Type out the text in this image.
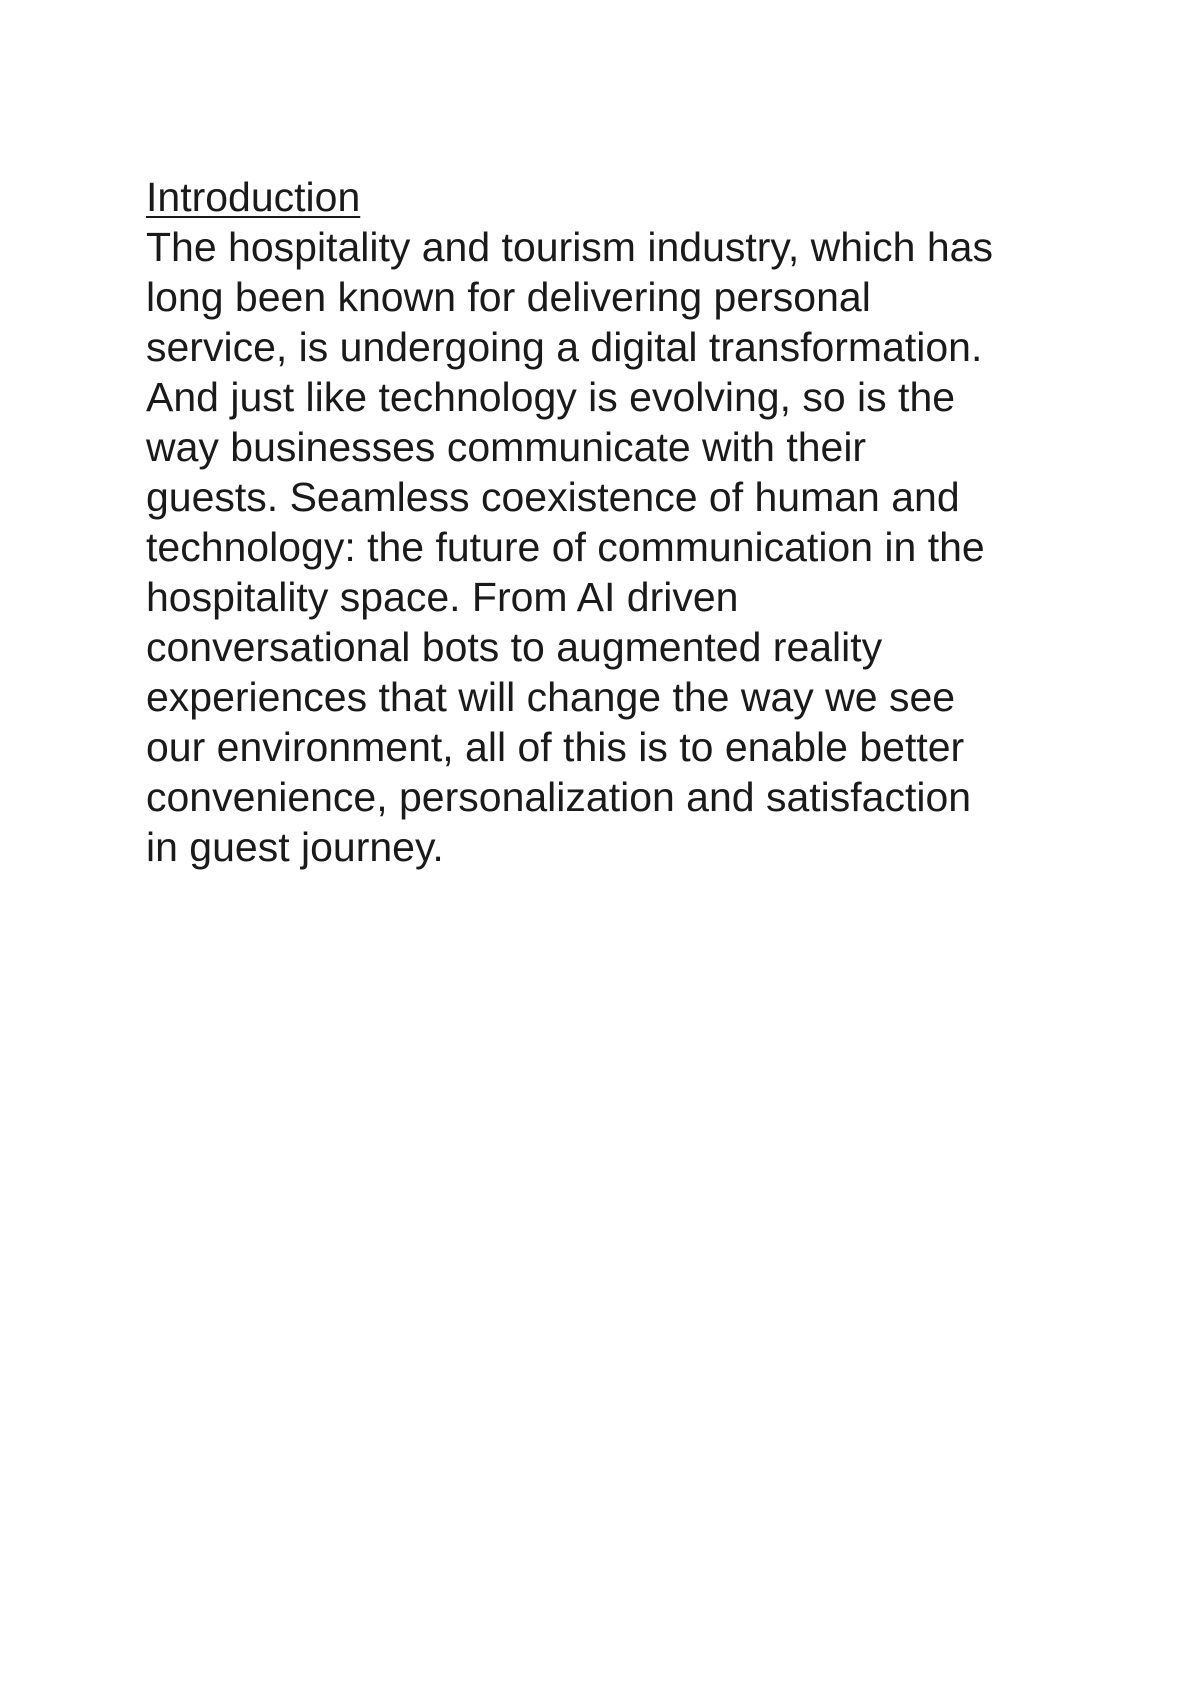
Introduction
The hospitality and tourism industry, which has
long been known for delivering personal
service, is undergoing a digital transformation.
And just like technology is evolving, so is the
way businesses communicate with their
guests. Seamless coexistence of human and
technology: the future of communication in the
hospitality space. From AI driven
conversational bots to augmented reality
experiences that will change the way we see
our environment, all of this is to enable better
convenience, personalization and satisfaction
in guest journey.
